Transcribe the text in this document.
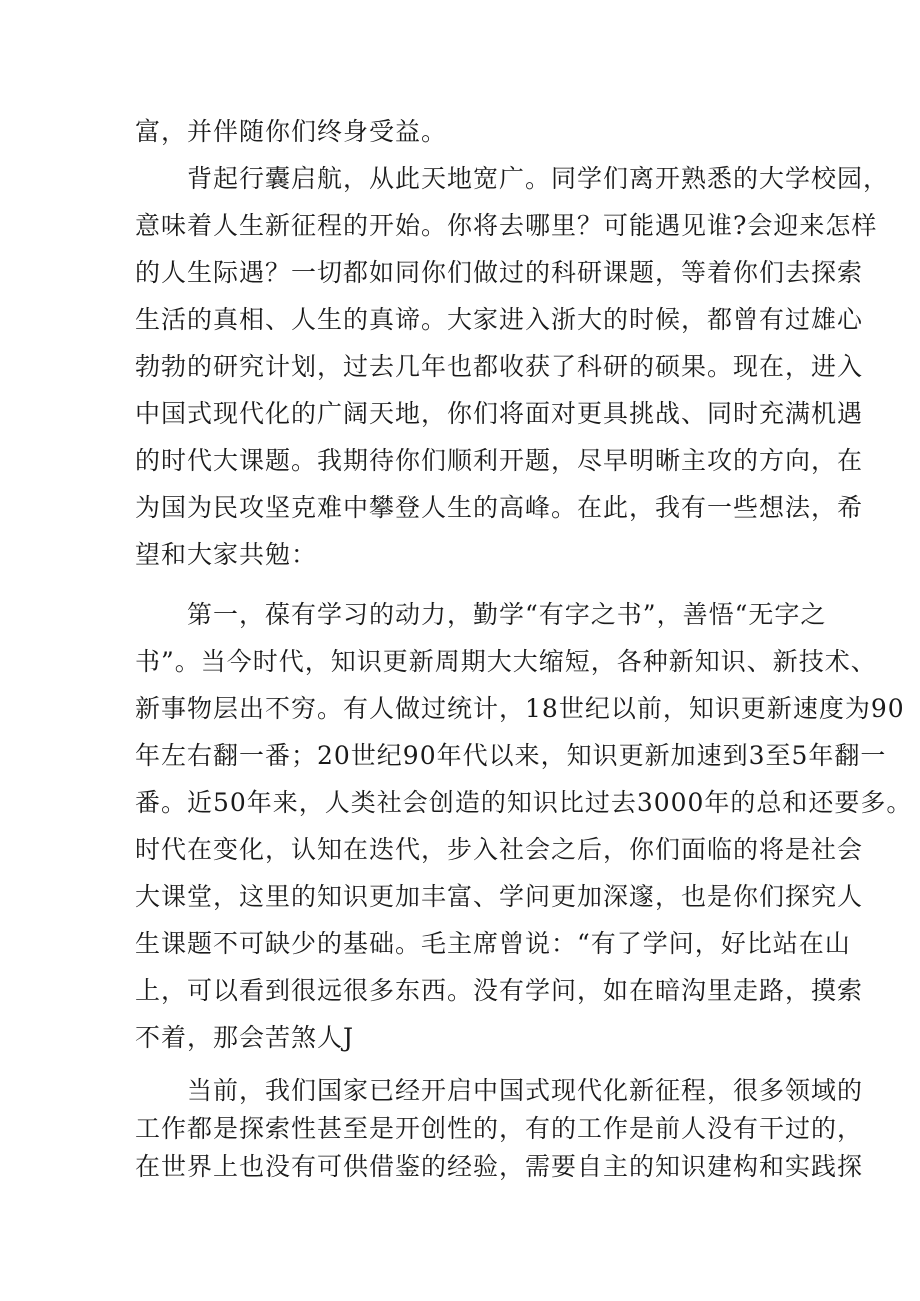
富，并伴随你们终身受益。
　　背起行囊启航，从此天地宽广。同学们离开熟悉的大学校园，
意味着人生新征程的开始。你将去哪里？可能遇见谁?会迎来怎样
的人生际遇？一切都如同你们做过的科研课题，等着你们去探索
生活的真相、人生的真谛。大家进入浙大的时候，都曾有过雄心
勃勃的研究计划，过去几年也都收获了科研的硕果。现在，进入
中国式现代化的广阔天地，你们将面对更具挑战、同时充满机遇
的时代大课题。我期待你们顺利开题，尽早明晰主攻的方向，在
为国为民攻坚克难中攀登人生的高峰。在此，我有一些想法，希
望和大家共勉：
　　第一，葆有学习的动力，勤学“有字之书”，善悟“无字之
书”。当今时代，知识更新周期大大缩短，各种新知识、新技术、
新事物层出不穷。有人做过统计，18世纪以前，知识更新速度为90
年左右翻一番；20世纪90年代以来，知识更新加速到3至5年翻一
番。近50年来，人类社会创造的知识比过去3000年的总和还要多。
时代在变化，认知在迭代，步入社会之后，你们面临的将是社会
大课堂，这里的知识更加丰富、学问更加深邃，也是你们探究人
生课题不可缺少的基础。毛主席曾说：“有了学问，好比站在山
上，可以看到很远很多东西。没有学问，如在暗沟里走路，摸索
不着，那会苦煞人J
　　当前，我们国家已经开启中国式现代化新征程，很多领域的
工作都是探索性甚至是开创性的，有的工作是前人没有干过的，
在世界上也没有可供借鉴的经验，需要自主的知识建构和实践探
